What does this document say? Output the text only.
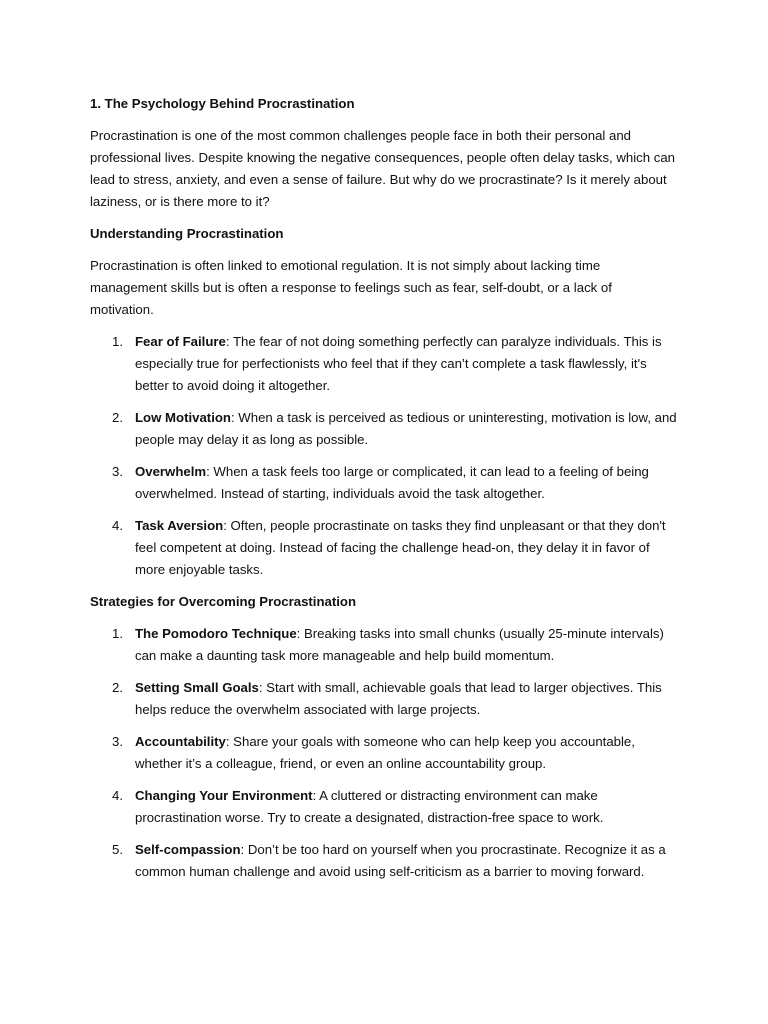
1. The Psychology Behind Procrastination

Procrastination is one of the most common challenges people face in both their personal and professional lives. Despite knowing the negative consequences, people often delay tasks, which can lead to stress, anxiety, and even a sense of failure. But why do we procrastinate? Is it merely about laziness, or is there more to it?

Understanding Procrastination

Procrastination is often linked to emotional regulation. It is not simply about lacking time management skills but is often a response to feelings such as fear, self-doubt, or a lack of motivation.

1. Fear of Failure: The fear of not doing something perfectly can paralyze individuals. This is especially true for perfectionists who feel that if they can’t complete a task flawlessly, it's better to avoid doing it altogether.
2. Low Motivation: When a task is perceived as tedious or uninteresting, motivation is low, and people may delay it as long as possible.
3. Overwhelm: When a task feels too large or complicated, it can lead to a feeling of being overwhelmed. Instead of starting, individuals avoid the task altogether.
4. Task Aversion: Often, people procrastinate on tasks they find unpleasant or that they don't feel competent at doing. Instead of facing the challenge head-on, they delay it in favor of more enjoyable tasks.
Strategies for Overcoming Procrastination
1. The Pomodoro Technique: Breaking tasks into small chunks (usually 25-minute intervals) can make a daunting task more manageable and help build momentum.
2. Setting Small Goals: Start with small, achievable goals that lead to larger objectives. This helps reduce the overwhelm associated with large projects.
3. Accountability: Share your goals with someone who can help keep you accountable, whether it’s a colleague, friend, or even an online accountability group.
4. Changing Your Environment: A cluttered or distracting environment can make procrastination worse. Try to create a designated, distraction-free space to work.
5. Self-compassion: Don’t be too hard on yourself when you procrastinate. Recognize it as a common human challenge and avoid using self-criticism as a barrier to moving forward.
